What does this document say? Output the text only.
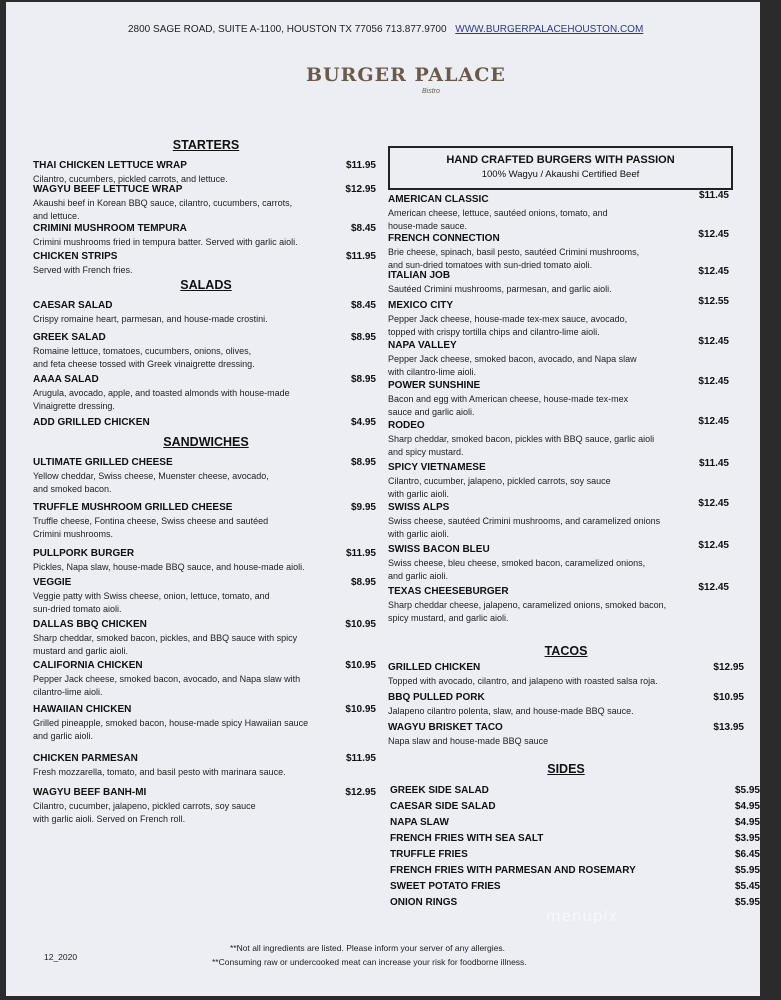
2800 SAGE ROAD, SUITE A-1100, HOUSTON TX 77056 713.877.9700 WWW.BURGERPALACEHOUSTON.COM
BURGER PALACE
Bistro
STARTERS
THAI CHICKEN LETTUCE WRAP	$11.95
Cilantro, cucumbers, pickled carrots, and lettuce.
WAGYU BEEF LETTUCE WRAP	$12.95
Akaushi beef in Korean BBQ sauce, cilantro, cucumbers, carrots,
and lettuce.
CRIMINI MUSHROOM TEMPURA	$8.45
Crimini mushrooms fried in tempura batter. Served with garlic aioli.
CHICKEN STRIPS	$11.95
Served with French fries.
SALADS
CAESAR SALAD	$8.45
Crispy romaine heart, parmesan, and house-made crostini.
GREEK SALAD	$8.95
Romaine lettuce, tomatoes, cucumbers, onions, olives,
and feta cheese tossed with Greek vinaigrette dressing.
AAAA SALAD	$8.95
Arugula, avocado, apple, and toasted almonds with house-made
Vinaigrette dressing.
ADD GRILLED CHICKEN	$4.95
SANDWICHES
ULTIMATE GRILLED CHEESE	$8.95
Yellow cheddar, Swiss cheese, Muenster cheese, avocado,
and smoked bacon.
TRUFFLE MUSHROOM GRILLED CHEESE	$9.95
Truffle cheese, Fontina cheese, Swiss cheese and sautéed
Crimini mushrooms.
PULLPORK BURGER	$11.95
Pickles, Napa slaw, house-made BBQ sauce, and house-made aioli.
VEGGIE	$8.95
Veggie patty with Swiss cheese, onion, lettuce, tomato, and
sun-dried tomato aioli.
DALLAS BBQ CHICKEN	$10.95
Sharp cheddar, smoked bacon, pickles, and BBQ sauce with spicy
mustard and garlic aioli.
CALIFORNIA CHICKEN	$10.95
Pepper Jack cheese, smoked bacon, avocado, and Napa slaw with
cilantro-lime aioli.
HAWAIIAN CHICKEN	$10.95
Grilled pineapple, smoked bacon, house-made spicy Hawaiian sauce
and garlic aioli.
CHICKEN PARMESAN	$11.95
Fresh mozzarella, tomato, and basil pesto with marinara sauce.
WAGYU BEEF BANH-MI	$12.95
Cilantro, cucumber, jalapeno, pickled carrots, soy sauce
with garlic aioli. Served on French roll.
AMERICAN CLASSIC	$11.45
American cheese, lettuce, sautéed onions, tomato, and
house-made sauce.
FRENCH CONNECTION	$12.45
Brie cheese, spinach, basil pesto, sautéed Crimini mushrooms,
and sun-dried tomatoes with sun-dried tomato aioli.
ITALIAN JOB	$12.45
Sautéed Crimini mushrooms, parmesan, and garlic aioli.
MEXICO CITY	$12.55
Pepper Jack cheese, house-made tex-mex sauce, avocado,
topped with crispy tortilla chips and cilantro-lime aioli.
NAPA VALLEY	$12.45
Pepper Jack cheese, smoked bacon, avocado, and Napa slaw
with cilantro-lime aioli.
POWER SUNSHINE	$12.45
Bacon and egg with American cheese, house-made tex-mex
sauce and garlic aioli.
RODEO	$12.45
Sharp cheddar, smoked bacon, pickles with BBQ sauce, garlic aioli
and spicy mustard.
SPICY VIETNAMESE	$11.45
Cilantro, cucumber, jalapeno, pickled carrots, soy sauce
with garlic aioli.
SWISS ALPS	$12.45
Swiss cheese, sautéed Crimini mushrooms, and caramelized onions
with garlic aioli.
SWISS BACON BLEU	$12.45
Swiss cheese, bleu cheese, smoked bacon, caramelized onions,
and garlic aioli.
TEXAS CHEESEBURGER	$12.45
Sharp cheddar cheese, jalapeno, caramelized onions, smoked bacon,
spicy mustard, and garlic aioli.
TACOS
GRILLED CHICKEN	$12.95
Topped with avocado, cilantro, and jalapeno with roasted salsa roja.
BBQ PULLED PORK	$10.95
Jalapeno cilantro polenta, slaw, and house-made BBQ sauce.
WAGYU BRISKET TACO	$13.95
Napa slaw and house-made BBQ sauce
SIDES
GREEK SIDE SALAD	$5.95
CAESAR SIDE SALAD	$4.95
NAPA SLAW	$4.95
FRENCH FRIES WITH SEA SALT	$3.95
TRUFFLE FRIES	$6.45
FRENCH FRIES WITH PARMESAN AND ROSEMARY	$5.95
SWEET POTATO FRIES	$5.45
ONION RINGS	$5.95
HAND CRAFTED BURGERS WITH PASSION
100% Wagyu / Akaushi Certified Beef
12_2020
**Not all ingredients are listed. Please inform your server of any allergies.
**Consuming raw or undercooked meat can increase your risk for foodborne illness.
menupix
